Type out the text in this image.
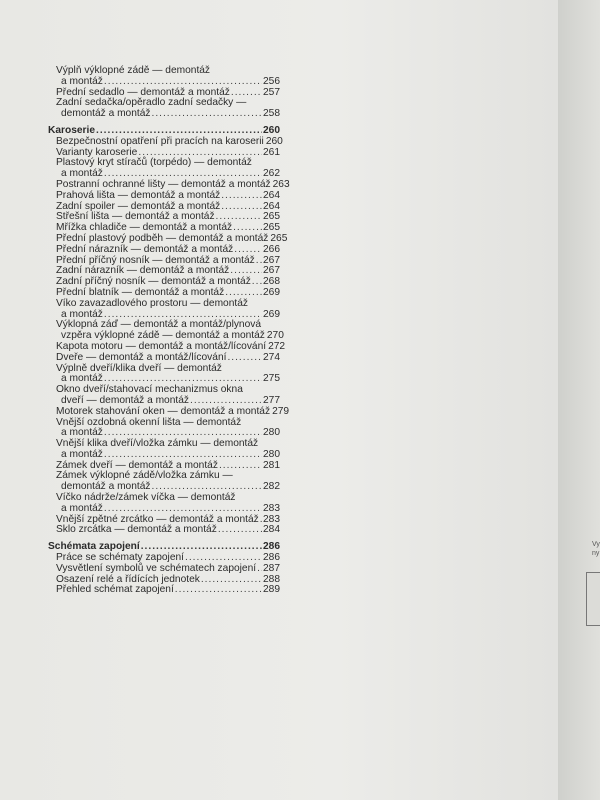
Výplň výklopné zádě — demontáž
a montáž .....	256
Přední sedadlo — demontáž a montáž .....	257
Zadní sedačka/opěradlo zadní sedačky —
demontáž a montáž .....	258
Karoserie .....	260
Bezpečnostní opatření při pracích na karoserii 260
Varianty karoserie .....	261
Plastový kryt stíračů (torpédo) — demontáž
a montáž .....	262
Postranní ochranné lišty — demontáž a montáž 263
Prahová lišta — demontáž a montáž .....	264
Zadní spoiler — demontáž a montáž .....	264
Střešní lišta — demontáž a montáž .....	265
Mřížka chladiče — demontáž a montáž .....	265
Přední plastový podběh — demontáž a montáž 265
Přední nárazník — demontáž a montáž .....	266
Přední příčný nosník — demontáž a montáž ..... 267
Zadní nárazník — demontáž a montáž .....	267
Zadní příčný nosník — demontáž a montáž ..... 268
Přední blatník — demontáž a montáž .....	269
Víko zavazadlového prostoru — demontáž
a montáž .....	269
Výklopná záď — demontáž a montáž/plynová
vzpěra výklopné zádě — demontáž a montáž 270
Kapota motoru — demontáž a montáž/lícování 272
Dveře — demontáž a montáž/lícování .....	274
Výplně dveří/klika dveří — demontáž
a montáž .....	275
Okno dveří/stahovací mechanizmus okna
dveří — demontáž a montáž .....	277
Motorek stahování oken — demontáž a montáž 279
Vnější ozdobná okenní lišta — demontáž
a montáž .....	280
Vnější klika dveří/vložka zámku — demontáž
a montáž .....	280
Zámek dveří — demontáž a montáž .....	281
Zámek výklopné zádě/vložka zámku —
demontáž a montáž .....	282
Víčko nádrže/zámek víčka — demontáž
a montáž .....	283
Vnější zpětné zrcátko — demontáž a montáž ..... 283
Sklo zrcátka — demontáž a montáž .....	284
Schémata zapojení .....	286
Práce se schématy zapojení .....	286
Vysvětlení symbolů ve schématech zapojení ..... 287
Osazení relé a řídících jednotek .....	288
Přehled schémat zapojení .....	289
Vy
ny
